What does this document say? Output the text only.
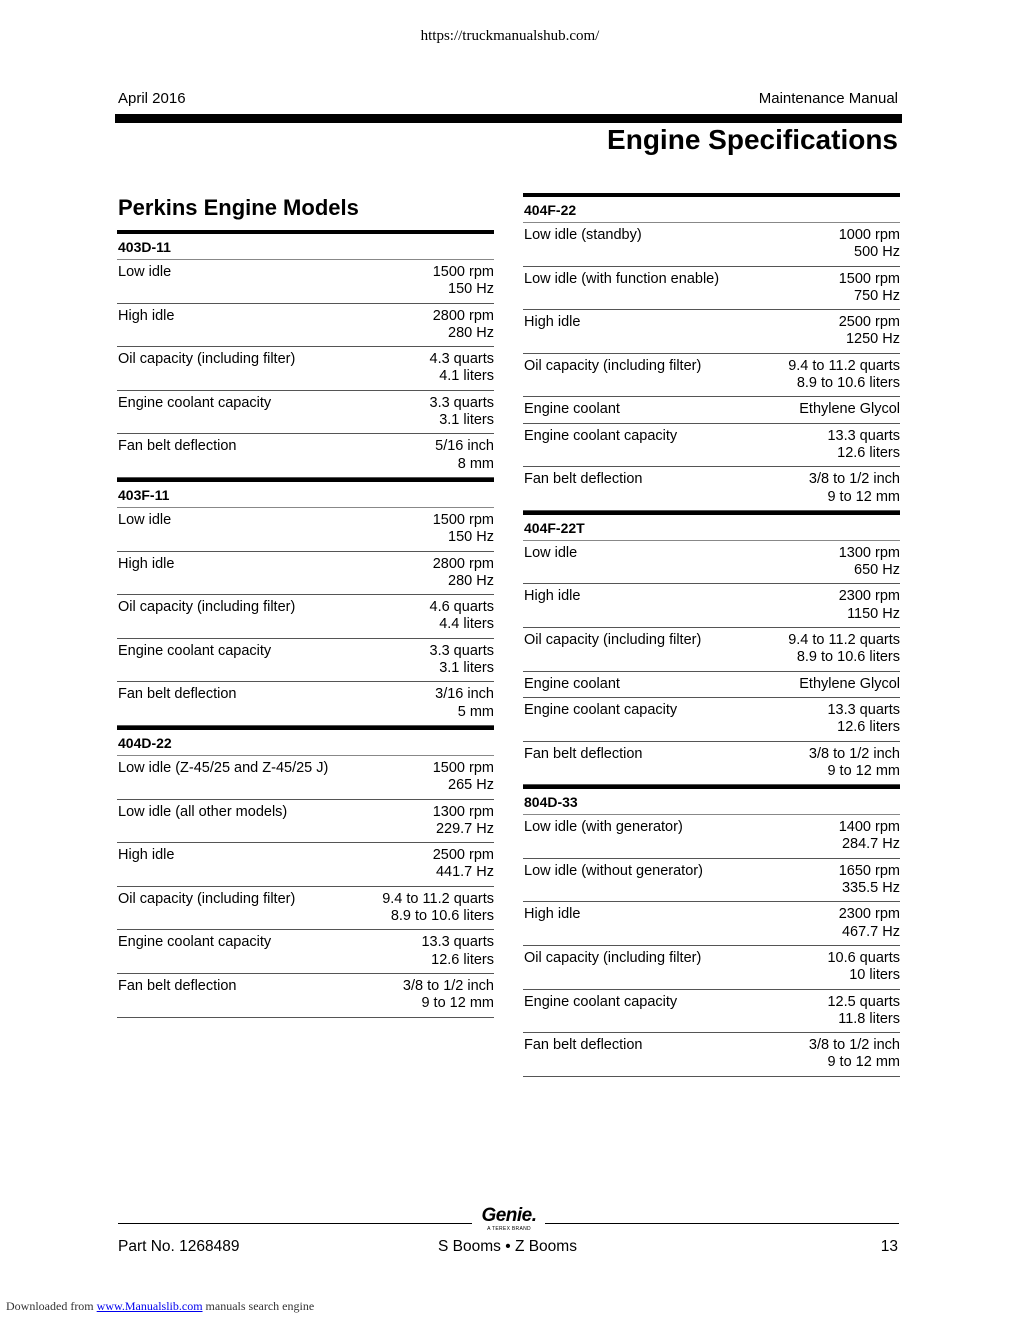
https://truckmanualshub.com/
April 2016	Maintenance Manual
Engine Specifications
Perkins Engine Models
403D-11
Low idle	1500 rpm
150 Hz
High idle	2800 rpm
280 Hz
Oil capacity (including filter)	4.3 quarts
4.1 liters
Engine coolant capacity	3.3 quarts
3.1 liters
Fan belt deflection	5/16 inch
8 mm
403F-11
Low idle	1500 rpm
150 Hz
High idle	2800 rpm
280 Hz
Oil capacity (including filter)	4.6 quarts
4.4 liters
Engine coolant capacity	3.3 quarts
3.1 liters
Fan belt deflection	3/16 inch
5 mm
404D-22
Low idle (Z-45/25 and Z-45/25 J)	1500 rpm
265 Hz
Low idle (all other models)	1300 rpm
229.7 Hz
High idle	2500 rpm
441.7 Hz
Oil capacity (including filter)	9.4 to 11.2 quarts
8.9 to 10.6 liters
Engine coolant capacity	13.3 quarts
12.6 liters
Fan belt deflection	3/8 to 1/2 inch
9 to 12 mm
404F-22
Low idle (standby)	1000 rpm
500 Hz
Low idle (with function enable)	1500 rpm
750 Hz
High idle	2500 rpm
1250 Hz
Oil capacity (including filter)	9.4 to 11.2 quarts
8.9 to 10.6 liters
Engine coolant	Ethylene Glycol
Engine coolant capacity	13.3 quarts
12.6 liters
Fan belt deflection	3/8 to 1/2 inch
9 to 12 mm
404F-22T
Low idle	1300 rpm
650 Hz
High idle	2300 rpm
1150 Hz
Oil capacity (including filter)	9.4 to 11.2 quarts
8.9 to 10.6 liters
Engine coolant	Ethylene Glycol
Engine coolant capacity	13.3 quarts
12.6 liters
Fan belt deflection	3/8 to 1/2 inch
9 to 12 mm
804D-33
Low idle (with generator)	1400 rpm
284.7 Hz
Low idle (without generator)	1650 rpm
335.5 Hz
High idle	2300 rpm
467.7 Hz
Oil capacity (including filter)	10.6 quarts
10 liters
Engine coolant capacity	12.5 quarts
11.8 liters
Fan belt deflection	3/8 to 1/2 inch
9 to 12 mm
Genie.
A TEREX BRAND
Part No. 1268489	S Booms • Z Booms	13
Downloaded from www.Manualslib.com manuals search engine
